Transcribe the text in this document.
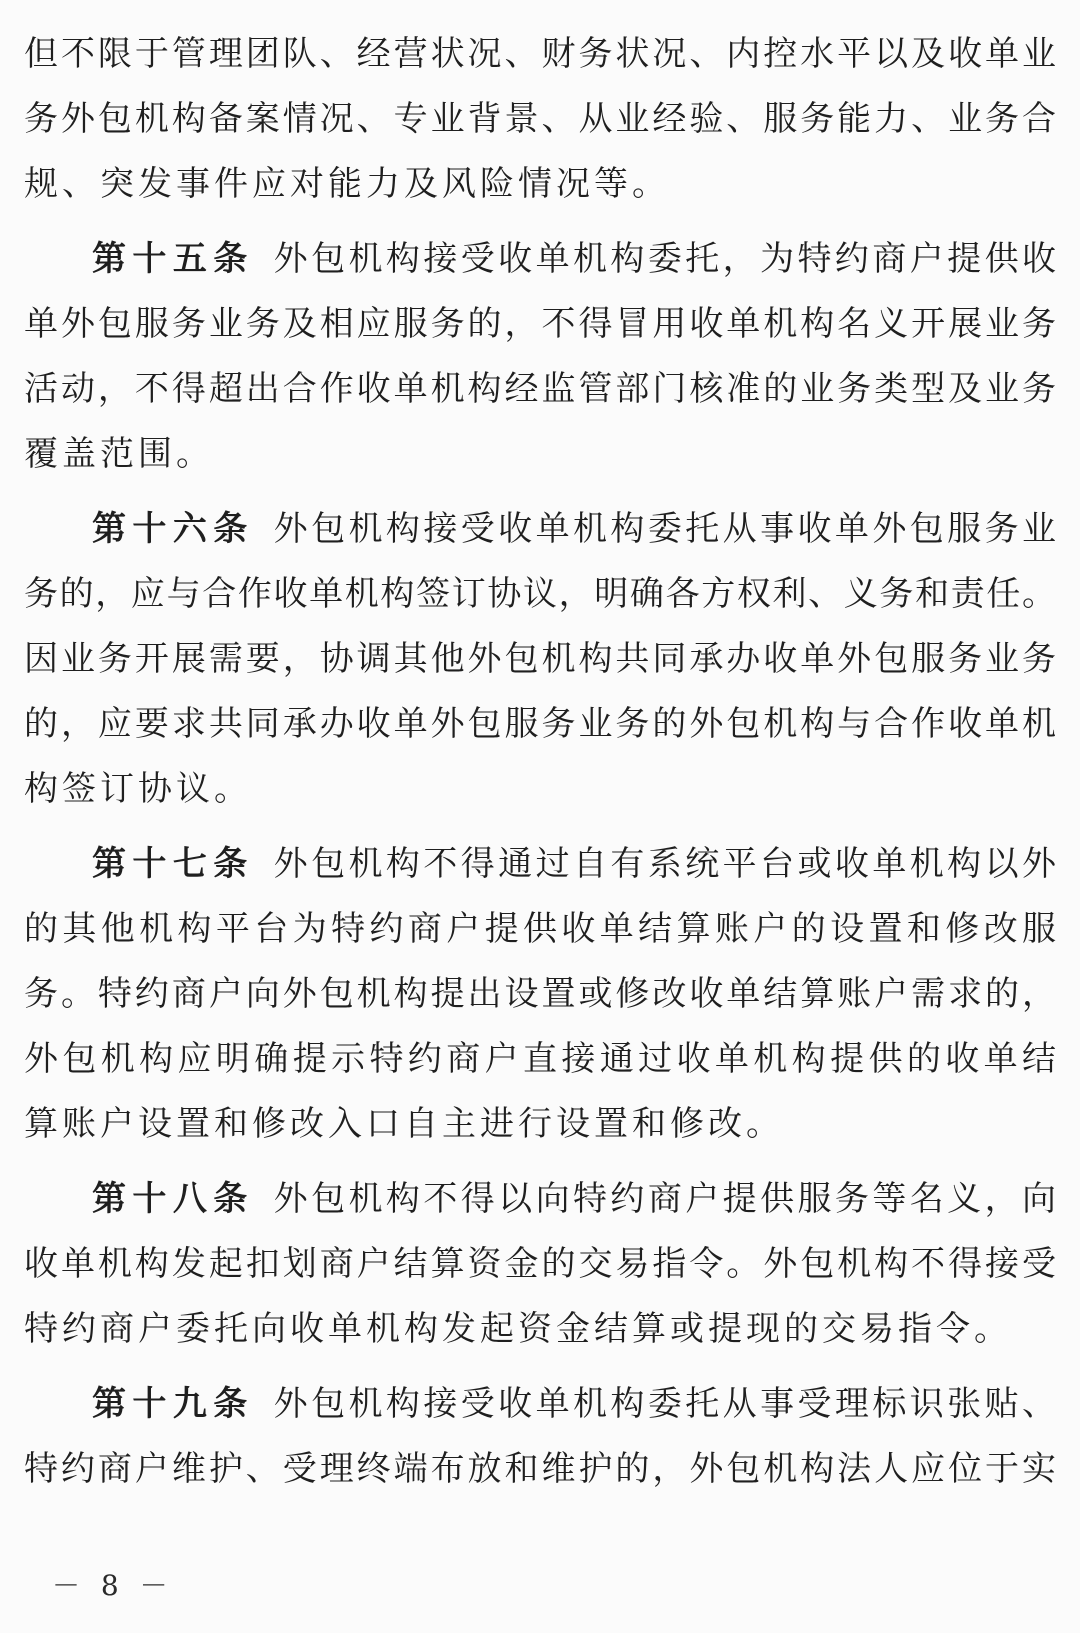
但不限于管理团队、经营状况、财务状况、内控水平以及收单业
务外包机构备案情况、专业背景、从业经验、服务能力、业务合
规、突发事件应对能力及风险情况等。
第十五条 外包机构接受收单机构委托，为特约商户提供收
单外包服务业务及相应服务的，不得冒用收单机构名义开展业务
活动，不得超出合作收单机构经监管部门核准的业务类型及业务
覆盖范围。
第十六条 外包机构接受收单机构委托从事收单外包服务业
务的，应与合作收单机构签订协议，明确各方权利、义务和责任。
因业务开展需要，协调其他外包机构共同承办收单外包服务业务
的，应要求共同承办收单外包服务业务的外包机构与合作收单机
构签订协议。
第十七条 外包机构不得通过自有系统平台或收单机构以外
的其他机构平台为特约商户提供收单结算账户的设置和修改服
务。特约商户向外包机构提出设置或修改收单结算账户需求的，
外包机构应明确提示特约商户直接通过收单机构提供的收单结
算账户设置和修改入口自主进行设置和修改。
第十八条 外包机构不得以向特约商户提供服务等名义，向
收单机构发起扣划商户结算资金的交易指令。外包机构不得接受
特约商户委托向收单机构发起资金结算或提现的交易指令。
第十九条 外包机构接受收单机构委托从事受理标识张贴、
特约商户维护、受理终端布放和维护的，外包机构法人应位于实
－ 8 －
